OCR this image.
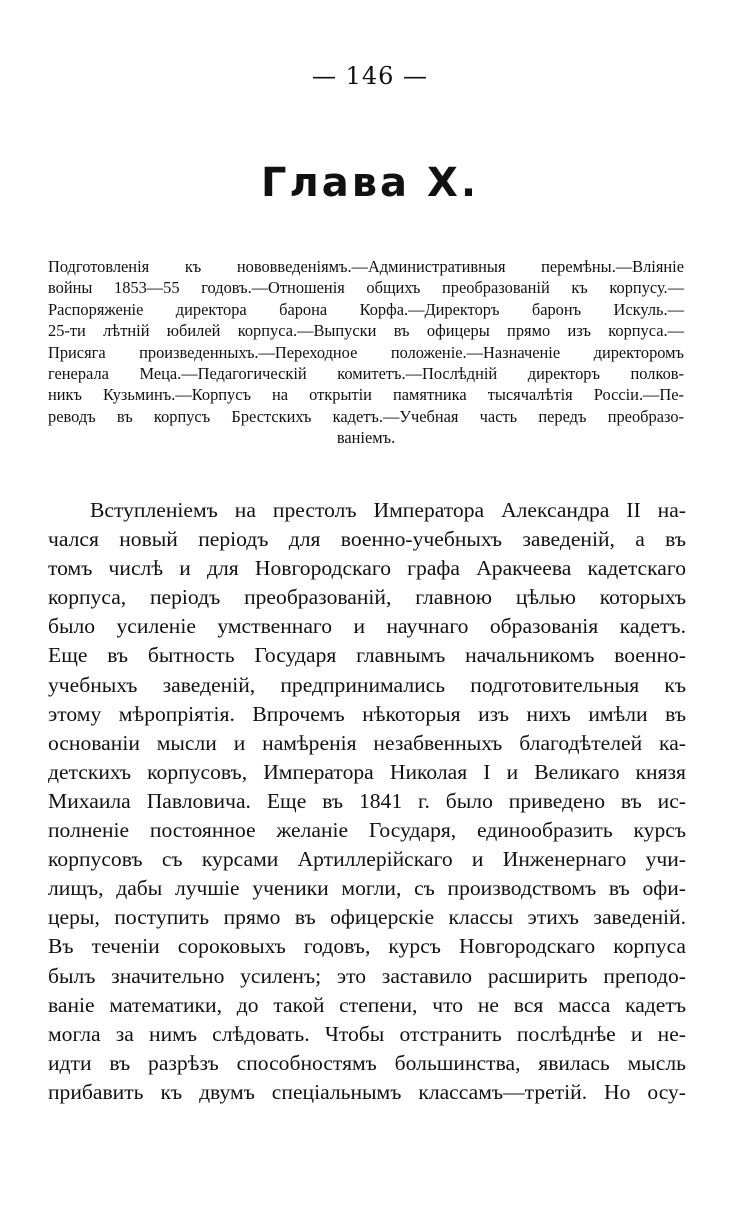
— 146 —
Глава X.
Подготовленія къ нововведеніямъ.—Административныя перемѣны.—Вліяніе
войны 1853—55 годовъ.—Отношенія общихъ преобразованій къ корпусу.—
Распоряженіе директора барона Корфа.—Директоръ баронъ Искуль.—
25-ти лѣтній юбилей корпуса.—Выпуски въ офицеры прямо изъ корпуса.—
Присяга произведенныхъ.—Переходное положеніе.—Назначеніе директоромъ
генерала Меца.—Педагогическій комитетъ.—Послѣдній директоръ полков-
никъ Кузьминъ.—Корпусъ на открытіи памятника тысячалѣтія Россіи.—Пе-
реводъ въ корпусъ Брестскихъ кадетъ.—Учебная часть передъ преобразо-
ваніемъ.
Вступленіемъ на престолъ Императора Александра II на-
чался новый періодъ для военно-учебныхъ заведеній, а въ
томъ числѣ и для Новгородскаго графа Аракчеева кадетскаго
корпуса, періодъ преобразованій, главною цѣлью которыхъ
было усиленіе умственнаго и научнаго образованія кадетъ.
Еще въ бытность Государя главнымъ начальникомъ военно-
учебныхъ заведеній, предпринимались подготовительныя къ
этому мѣропріятія. Впрочемъ нѣкоторыя изъ нихъ имѣли въ
основаніи мысли и намѣренія незабвенныхъ благодѣтелей ка-
детскихъ корпусовъ, Императора Николая I и Великаго князя
Михаила Павловича. Еще въ 1841 г. было приведено въ ис-
полненіе постоянное желаніе Государя, единообразить курсъ
корпусовъ съ курсами Артиллерійскаго и Инженернаго учи-
лищъ, дабы лучшіе ученики могли, съ производствомъ въ офи-
церы, поступить прямо въ офицерскіе классы этихъ заведеній.
Въ теченіи сороковыхъ годовъ, курсъ Новгородскаго корпуса
былъ значительно усиленъ; это заставило расширить преподо-
ваніе математики, до такой степени, что не вся масса кадетъ
могла за нимъ слѣдовать. Чтобы отстранить послѣднѣе и не-
идти въ разрѣзъ способностямъ большинства, явилась мысль
прибавить къ двумъ спеціальнымъ классамъ—третій. Но осу-
